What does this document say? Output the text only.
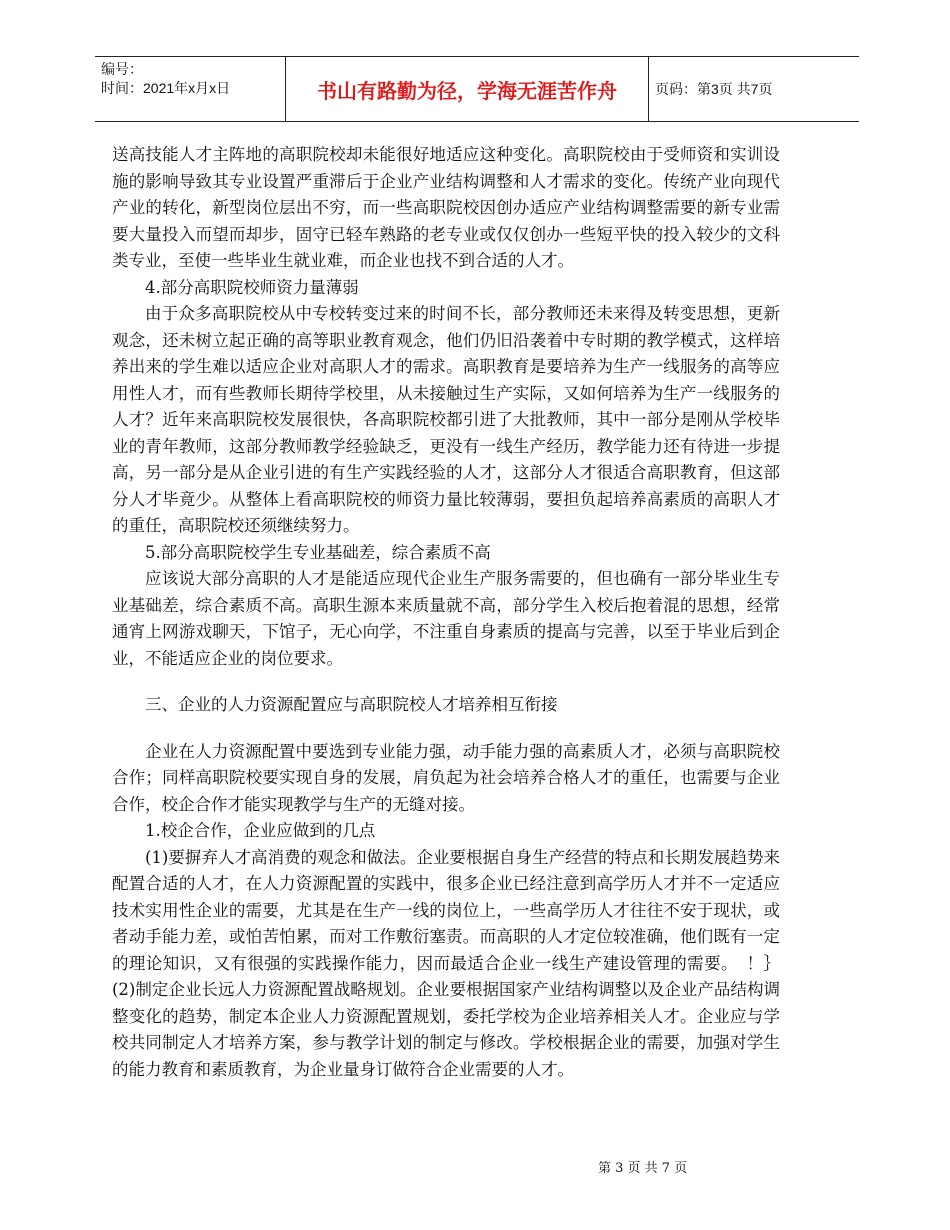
编号：
时间：2021年x月x日	书山有路勤为径，学海无涯苦作舟	页码：第3页 共7页

送高技能人才主阵地的高职院校却未能很好地适应这种变化。高职院校由于受师资和实训设施的影响导致其专业设置严重滞后于企业产业结构调整和人才需求的变化。传统产业向现代产业的转化，新型岗位层出不穷，而一些高职院校因创办适应产业结构调整需要的新专业需要大量投入而望而却步，固守已轻车熟路的老专业或仅仅创办一些短平快的投入较少的文科类专业，至使一些毕业生就业难，而企业也找不到合适的人才。

4.部分高职院校师资力量薄弱

由于众多高职院校从中专校转变过来的时间不长，部分教师还未来得及转变思想，更新观念，还未树立起正确的高等职业教育观念，他们仍旧沿袭着中专时期的教学模式，这样培养出来的学生难以适应企业对高职人才的需求。高职教育是要培养为生产一线服务的高等应用性人才，而有些教师长期待学校里，从未接触过生产实际，又如何培养为生产一线服务的人才？近年来高职院校发展很快，各高职院校都引进了大批教师，其中一部分是刚从学校毕业的青年教师，这部分教师教学经验缺乏，更没有一线生产经历，教学能力还有待进一步提高，另一部分是从企业引进的有生产实践经验的人才，这部分人才很适合高职教育，但这部分人才毕竟少。从整体上看高职院校的师资力量比较薄弱，要担负起培养高素质的高职人才的重任，高职院校还须继续努力。

5.部分高职院校学生专业基础差，综合素质不高

应该说大部分高职的人才是能适应现代企业生产服务需要的，但也确有一部分毕业生专业基础差，综合素质不高。高职生源本来质量就不高，部分学生入校后抱着混的思想，经常通宵上网游戏聊天，下馆子，无心向学，不注重自身素质的提高与完善，以至于毕业后到企业，不能适应企业的岗位要求。

三、企业的人力资源配置应与高职院校人才培养相互衔接

企业在人力资源配置中要选到专业能力强，动手能力强的高素质人才，必须与高职院校合作；同样高职院校要实现自身的发展，肩负起为社会培养合格人才的重任，也需要与企业合作，校企合作才能实现教学与生产的无缝对接。

1.校企合作，企业应做到的几点

(1)要摒弃人才高消费的观念和做法。企业要根据自身生产经营的特点和长期发展趋势来配置合适的人才，在人力资源配置的实践中，很多企业已经注意到高学历人才并不一定适应技术实用性企业的需要，尤其是在生产一线的岗位上，一些高学历人才往往不安于现状，或者动手能力差，或怕苦怕累，而对工作敷衍塞责。而高职的人才定位较准确，他们既有一定的理论知识，又有很强的实践操作能力，因而最适合企业一线生产建设管理的需要。　！｝(2)制定企业长远人力资源配置战略规划。企业要根据国家产业结构调整以及企业产品结构调整变化的趋势，制定本企业人力资源配置规划，委托学校为企业培养相关人才。企业应与学校共同制定人才培养方案，参与教学计划的制定与修改。学校根据企业的需要，加强对学生的能力教育和素质教育，为企业量身订做符合企业需要的人才。

第 3 页 共 7 页
